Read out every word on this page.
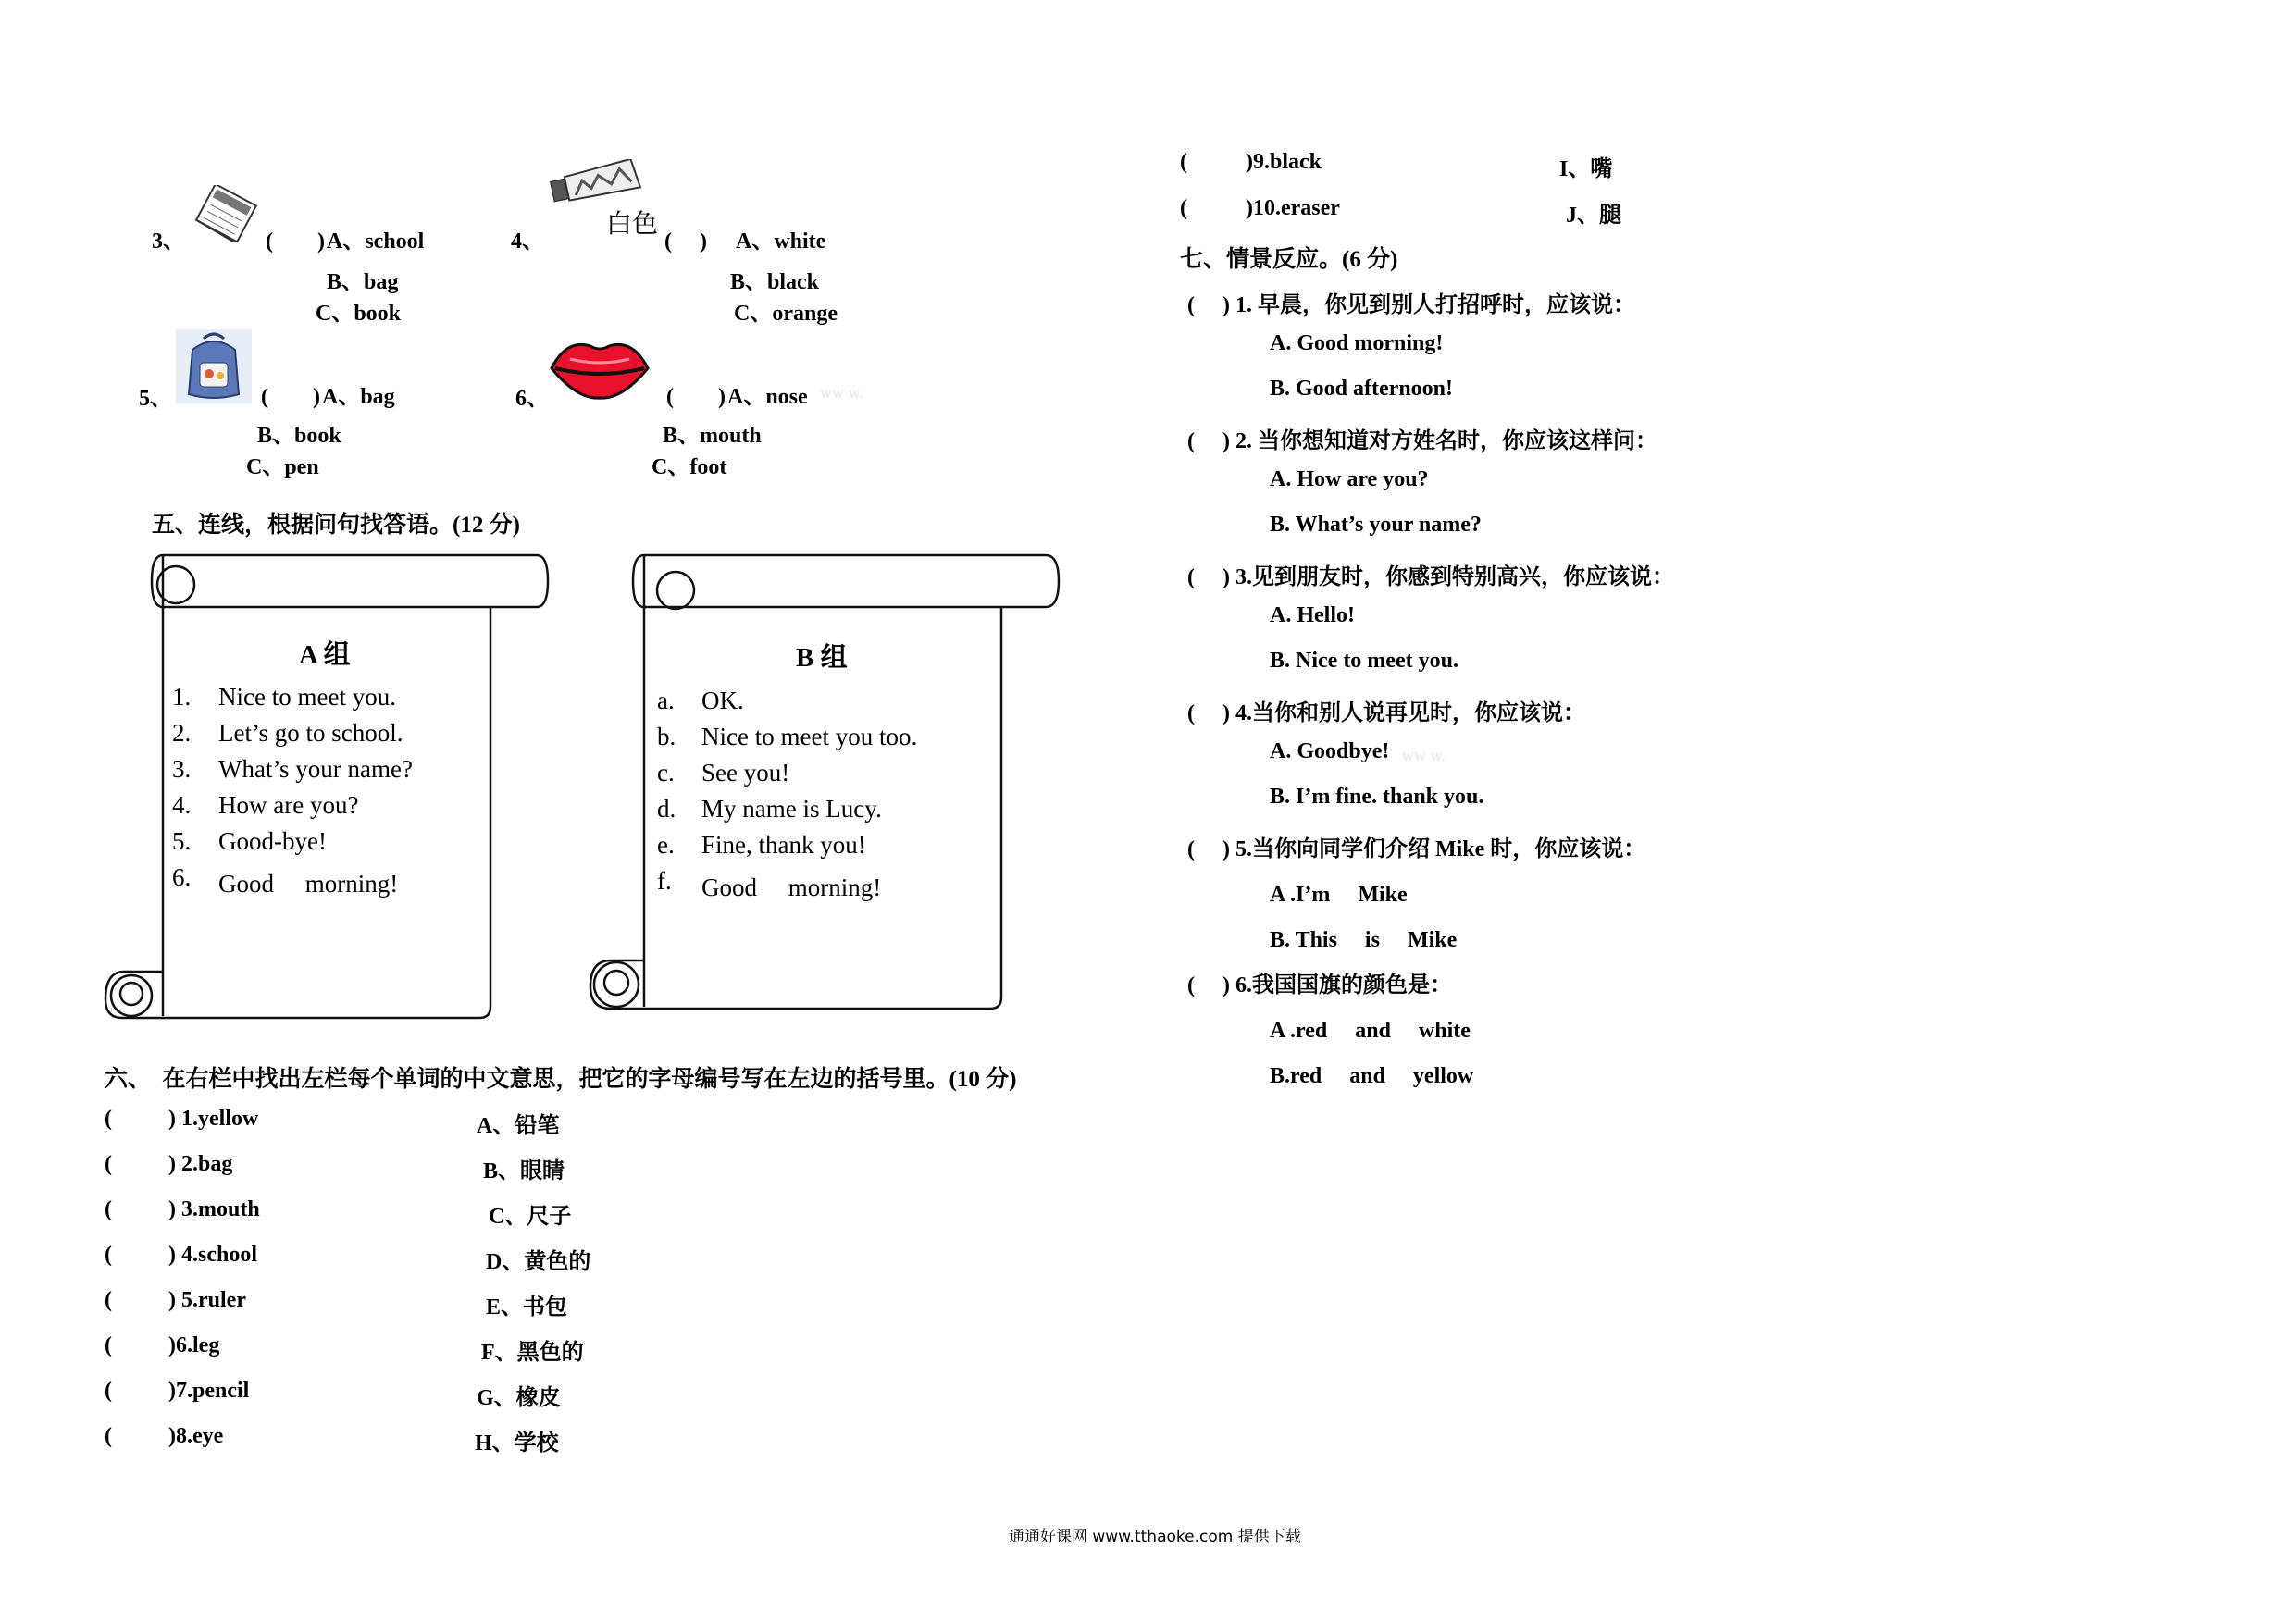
3、	(　　) A、school
B、bag
C、book
4、
白色
(　 ) A、white
B、black
C、orange
5、	(　　) A、bag
B、book
C、pen
6、	(　　) A、nose ww w.
B、mouth
C、foot
五、连线，根据问句找答语。(12 分)
A 组
1. Nice to meet you.
2. Let’s go to school.
3. What’s your name?
4. How are you?
5. Good-bye!
6. Good　 morning!
B 组
a. OK.
b. Nice to meet you too.
c. See you!
d. My name is Lucy.
e. Fine, thank you!
f. Good　 morning!
六、　在右栏中找出左栏每个单词的中文意思，把它的字母编号写在左边的括号里。(10 分)
(	) 1.yellow	A、铅笔
(	) 2.bag	B、眼睛
(	) 3.mouth	C、尺子
(	) 4.school	D、黄色的
(	) 5.ruler	E、书包
(	)6.leg	F、黑色的
(	)7.pencil	G、橡皮
(	)8.eye	H、学校
(	)9.black	I、嘴
(	)10.eraser	J、腿
七、情景反应。(6 分)
(　 ) 1. 早晨，你见到别人打招呼时，应该说：
A. Good morning!
B. Good afternoon!
(　 ) 2. 当你想知道对方姓名时，你应该这样问：
A. How are you?
B. What’s your name?
(　 ) 3.见到朋友时，你感到特别高兴，你应该说：
A. Hello!
B. Nice to meet you.
(　 ) 4.当你和别人说再见时，你应该说：
A. Goodbye! ww w.
B. I’m fine. thank you.
(　 ) 5.当你向同学们介绍 Mike 时，你应该说：
A .I’m　 Mike
B. This　 is　 Mike
(　 ) 6.我国国旗的颜色是：
A .red　 and　 white
B.red　 and　 yellow
通通好课网 www.tthaoke.com 提供下载
